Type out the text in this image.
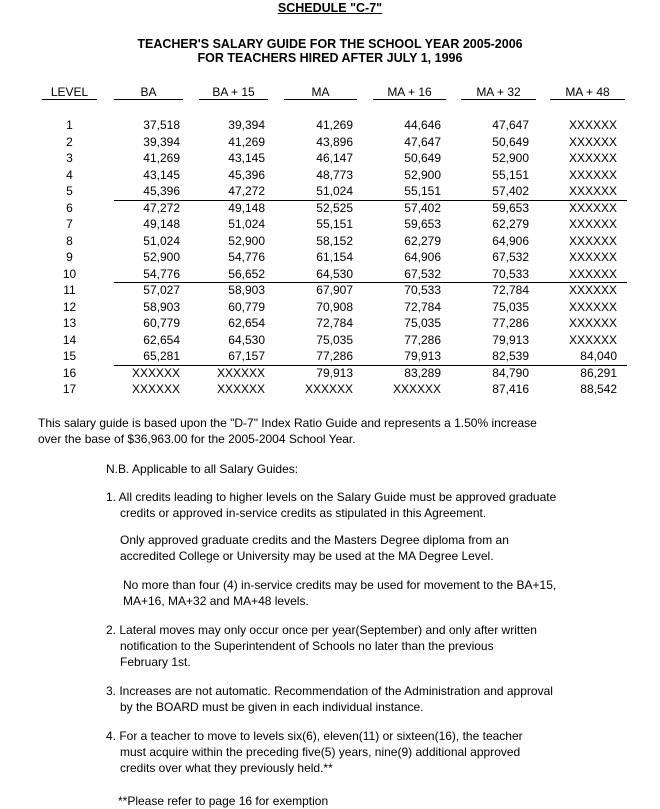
SCHEDULE "C-7"
TEACHER'S SALARY GUIDE FOR THE SCHOOL YEAR 2005-2006
FOR TEACHERS HIRED AFTER JULY 1, 1996
LEVEL	BA	BA + 15	MA	MA + 16	MA + 32	MA + 48
1	37,518	39,394	41,269	44,646	47,647	XXXXXX
2	39,394	41,269	43,896	47,647	50,649	XXXXXX
3	41,269	43,145	46,147	50,649	52,900	XXXXXX
4	43,145	45,396	48,773	52,900	55,151	XXXXXX
5	45,396	47,272	51,024	55,151	57,402	XXXXXX
6	47,272	49,148	52,525	57,402	59,653	XXXXXX
7	49,148	51,024	55,151	59,653	62,279	XXXXXX
8	51,024	52,900	58,152	62,279	64,906	XXXXXX
9	52,900	54,776	61,154	64,906	67,532	XXXXXX
10	54,776	56,652	64,530	67,532	70,533	XXXXXX
11	57,027	58,903	67,907	70,533	72,784	XXXXXX
12	58,903	60,779	70,908	72,784	75,035	XXXXXX
13	60,779	62,654	72,784	75,035	77,286	XXXXXX
14	62,654	64,530	75,035	77,286	79,913	XXXXXX
15	65,281	67,157	77,286	79,913	82,539	84,040
16	XXXXXX	XXXXXX	79,913	83,289	84,790	86,291
17	XXXXXX	XXXXXX	XXXXXX	XXXXXX	87,416	88,542
This salary guide is based upon the "D-7" Index Ratio Guide and represents a 1.50% increase
over the base of $36,963.00 for the 2005-2004 School Year.
N.B. Applicable to all Salary Guides:
1. All credits leading to higher levels on the Salary Guide must be approved graduate
credits or approved in-service credits as stipulated in this Agreement.
Only approved graduate credits and the Masters Degree diploma from an
accredited College or University may be used at the MA Degree Level.
No more than four (4) in-service credits may be used for movement to the BA+15,
MA+16, MA+32 and MA+48 levels.
2. Lateral moves may only occur once per year(September) and only after written
notification to the Superintendent of Schools no later than the previous
February 1st.
3. Increases are not automatic. Recommendation of the Administration and approval
by the BOARD must be given in each individual instance.
4. For a teacher to move to levels six(6), eleven(11) or sixteen(16), the teacher
must acquire within the preceding five(5) years, nine(9) additional approved
credits over what they previously held.**
**Please refer to page 16 for exemption
